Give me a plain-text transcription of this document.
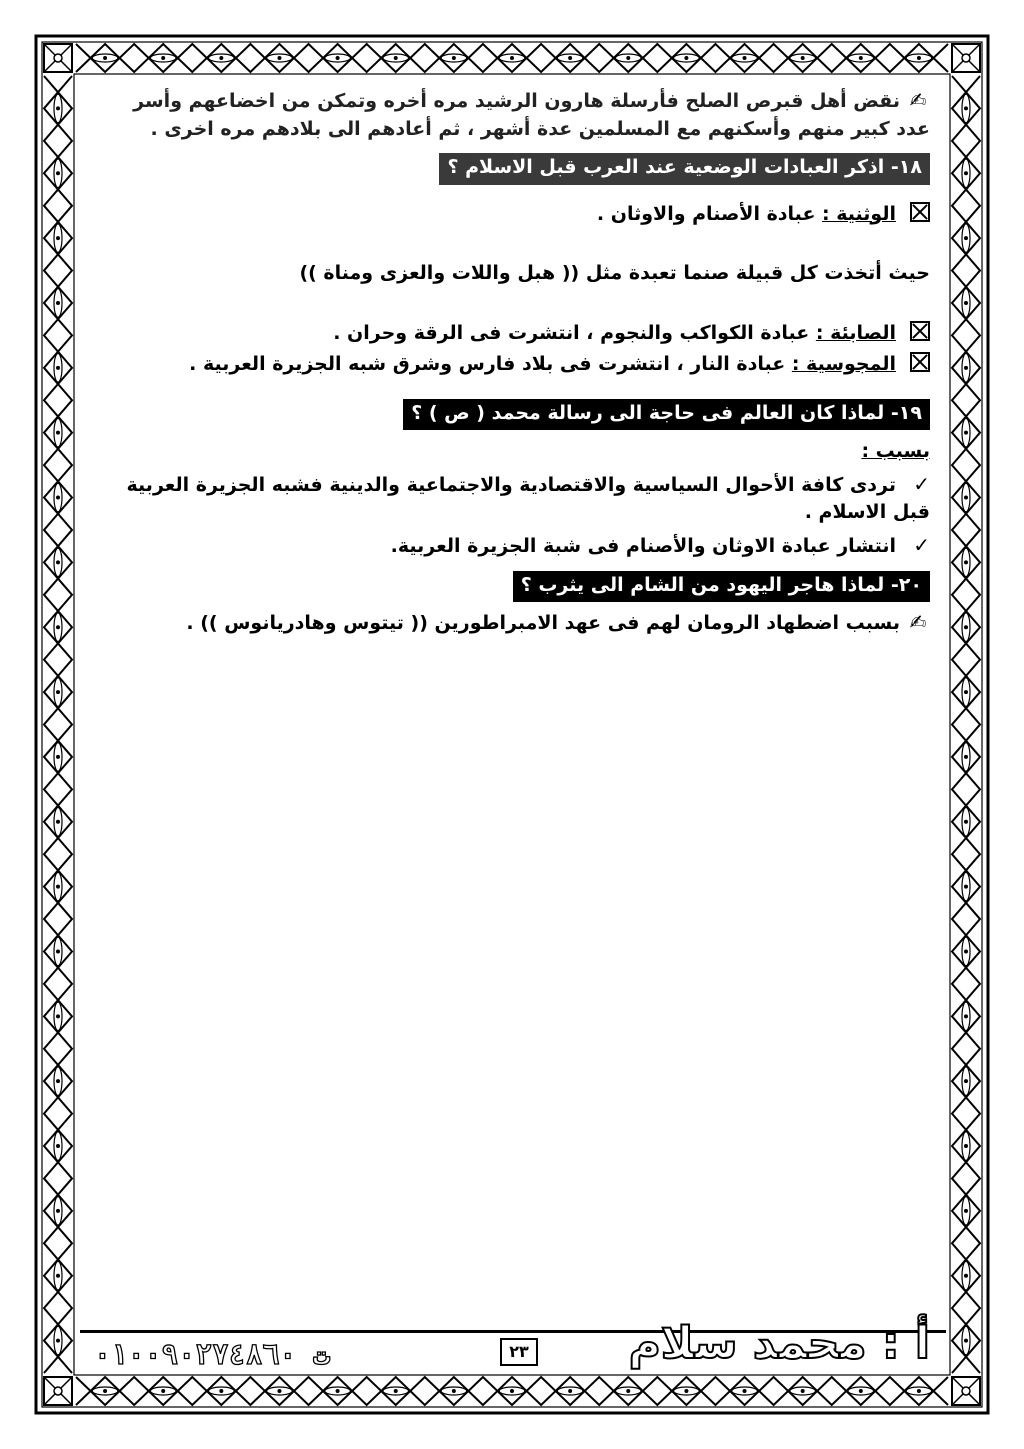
✍نقض أهل قبرص الصلح فأرسلة هارون الرشيد مره أخره وتمكن من اخضاعهم وأسر عدد كبير منهم وأسكنهم مع المسلمين عدة أشهر ، ثم أعادهم الى بلادهم مره اخرى .

١٨- اذكر العبادات الوضعية عند العرب قبل الاسلام ؟
الوثنية : عبادة الأصنام والاوثان .
حيث أتخذت كل قبيلة صنما تعبدة مثل (( هبل واللات والعزى ومناة ))
الصابئة : عبادة الكواكب والنجوم ، انتشرت فى الرقة وحران .
المجوسية : عبادة النار ، انتشرت فى بلاد فارس وشرق شبه الجزيرة العربية .
١٩- لماذا كان العالم فى حاجة الى رسالة محمد ( ص ) ؟
بسبب :
✓تردى كافة الأحوال السياسية والاقتصادية والاجتماعية والدينية فشبه الجزيرة العربية قبل الاسلام .
✓انتشار عبادة الاوثان والأصنام فى شبة الجزيرة العربية.
٢٠- لماذا هاجر اليهود من الشام الى يثرب ؟
✍بسبب اضطهاد الرومان لهم فى عهد الامبراطورين (( تيتوس وهادريانوس )) .
أ : محمد سلام
٢٣
ت ٠١٠٠٩٠٢٧٤٨٦٠
